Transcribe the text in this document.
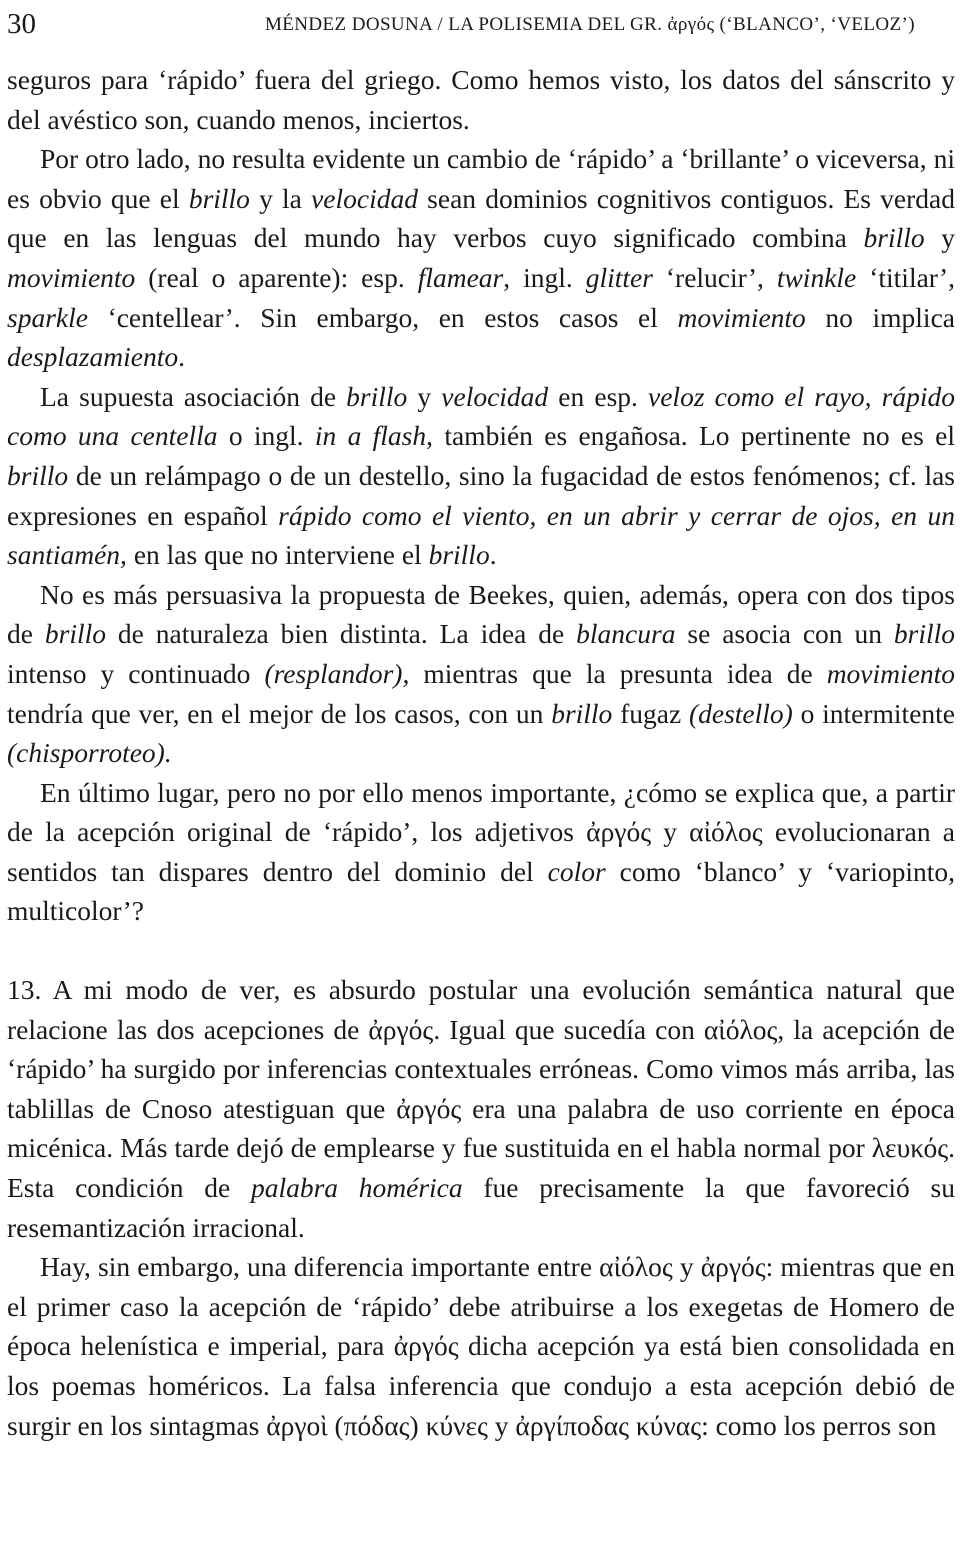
30	MÉNDEZ DOSUNA / LA POLISEMIA DEL GR. ἀργός (‘BLANCO’, ‘VELOZ’)

seguros para ‘rápido’ fuera del griego. Como hemos visto, los datos del sánscrito y del avéstico son, cuando menos, inciertos.

Por otro lado, no resulta evidente un cambio de ‘rápido’ a ‘brillante’ o viceversa, ni es obvio que el brillo y la velocidad sean dominios cognitivos contiguos. Es verdad que en las lenguas del mundo hay verbos cuyo significado combina brillo y movimiento (real o aparente): esp. flamear, ingl. glitter ‘relucir’, twinkle ‘titilar’, sparkle ‘centellear’. Sin embargo, en estos casos el movimiento no implica desplazamiento.

La supuesta asociación de brillo y velocidad en esp. veloz como el rayo, rápido como una centella o ingl. in a flash, también es engañosa. Lo pertinente no es el brillo de un relámpago o de un destello, sino la fugacidad de estos fenómenos; cf. las expresiones en español rápido como el viento, en un abrir y cerrar de ojos, en un santiamén, en las que no interviene el brillo.

No es más persuasiva la propuesta de Beekes, quien, además, opera con dos tipos de brillo de naturaleza bien distinta. La idea de blancura se asocia con un brillo intenso y continuado (resplandor), mientras que la presunta idea de movimiento tendría que ver, en el mejor de los casos, con un brillo fugaz (destello) o intermitente (chisporroteo).

En último lugar, pero no por ello menos importante, ¿cómo se explica que, a partir de la acepción original de ‘rápido’, los adjetivos ἀργός y αἰόλος evolucionaran a sentidos tan dispares dentro del dominio del color como ‘blanco’ y ‘variopinto, multicolor’?

13. A mi modo de ver, es absurdo postular una evolución semántica natural que relacione las dos acepciones de ἀργός. Igual que sucedía con αἰόλος, la acepción de ‘rápido’ ha surgido por inferencias contextuales erróneas. Como vimos más arriba, las tablillas de Cnoso atestiguan que ἀργός era una palabra de uso corriente en época micénica. Más tarde dejó de emplearse y fue sustituida en el habla normal por λευκός. Esta condición de palabra homérica fue precisamente la que favoreció su resemantización irracional.

Hay, sin embargo, una diferencia importante entre αἰόλος y ἀργός: mientras que en el primer caso la acepción de ‘rápido’ debe atribuirse a los exegetas de Homero de época helenística e imperial, para ἀργός dicha acepción ya está bien consolidada en los poemas homéricos. La falsa inferencia que condujo a esta acepción debió de surgir en los sintagmas ἀργοὶ (πόδας) κύνες y ἀργίποδας κύνας: como los perros son
